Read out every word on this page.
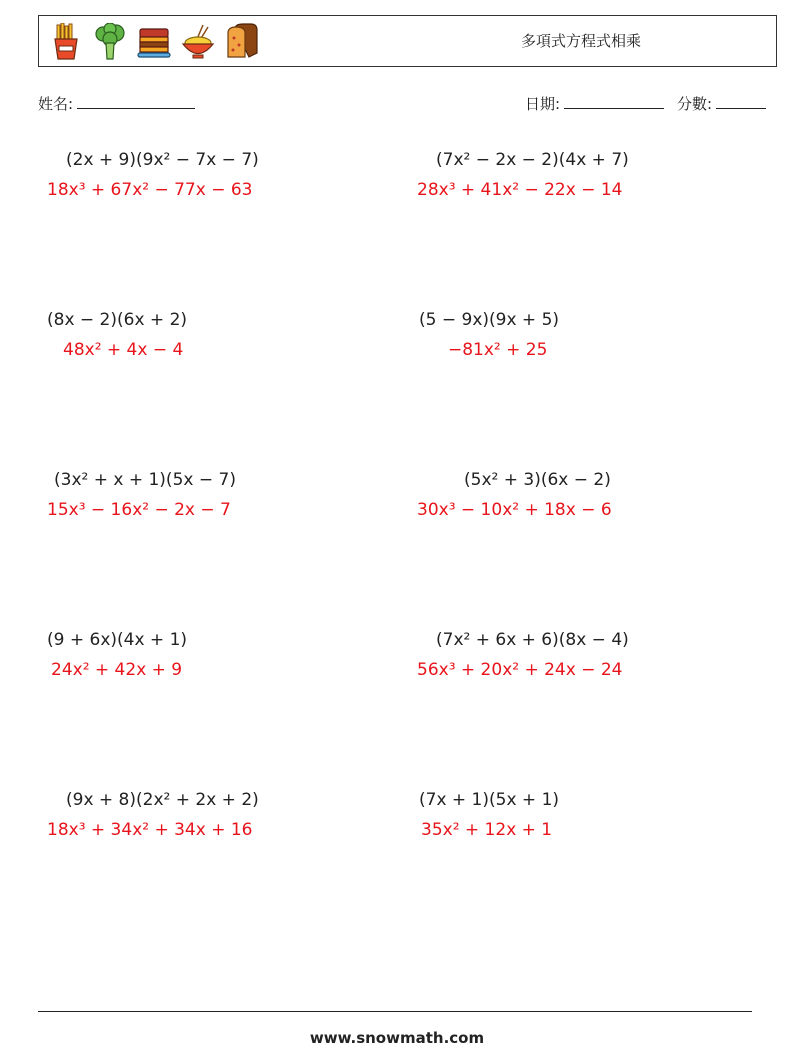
多項式方程式相乘
姓名:	日期:	分數:
(2x + 9)(9x² − 7x − 7)
18x³ + 67x² − 77x − 63
(7x² − 2x − 2)(4x + 7)
28x³ + 41x² − 22x − 14
(8x − 2)(6x + 2)
48x² + 4x − 4
(5 − 9x)(9x + 5)
−81x² + 25
(3x² + x + 1)(5x − 7)
15x³ − 16x² − 2x − 7
(5x² + 3)(6x − 2)
30x³ − 10x² + 18x − 6
(9 + 6x)(4x + 1)
24x² + 42x + 9
(7x² + 6x + 6)(8x − 4)
56x³ + 20x² + 24x − 24
(9x + 8)(2x² + 2x + 2)
18x³ + 34x² + 34x + 16
(7x + 1)(5x + 1)
35x² + 12x + 1
www.snowmath.com
